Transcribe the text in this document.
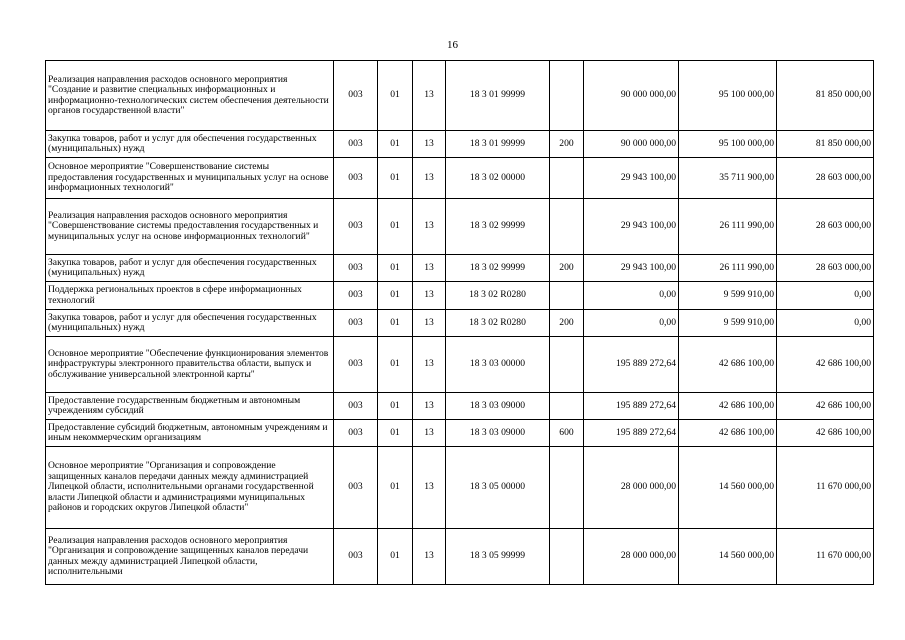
16
Реализация направления расходов основного мероприятия "Создание и развитие специальных информационных и информационно-технологических систем обеспечения деятельности органов государственной власти"	003	01	13	18 3 01 99999		90 000 000,00	95 100 000,00	81 850 000,00
Закупка товаров, работ и услуг для обеспечения государственных (муниципальных) нужд	003	01	13	18 3 01 99999	200	90 000 000,00	95 100 000,00	81 850 000,00
Основное мероприятие "Совершенствование системы предоставления государственных и муниципальных услуг на основе информационных технологий"	003	01	13	18 3 02 00000		29 943 100,00	35 711 900,00	28 603 000,00
Реализация направления расходов основного мероприятия "Совершенствование системы предоставления государственных и муниципальных услуг на основе информационных технологий"	003	01	13	18 3 02 99999		29 943 100,00	26 111 990,00	28 603 000,00
Закупка товаров, работ и услуг для обеспечения государственных (муниципальных) нужд	003	01	13	18 3 02 99999	200	29 943 100,00	26 111 990,00	28 603 000,00
Поддержка региональных проектов в сфере информационных технологий	003	01	13	18 3 02 R0280		0,00	9 599 910,00	0,00
Закупка товаров, работ и услуг для обеспечения государственных (муниципальных) нужд	003	01	13	18 3 02 R0280	200	0,00	9 599 910,00	0,00
Основное мероприятие "Обеспечение функционирования элементов инфраструктуры электронного правительства области, выпуск и обслуживание универсальной электронной карты"	003	01	13	18 3 03 00000		195 889 272,64	42 686 100,00	42 686 100,00
Предоставление государственным бюджетным и автономным учреждениям субсидий	003	01	13	18 3 03 09000		195 889 272,64	42 686 100,00	42 686 100,00
Предоставление субсидий бюджетным, автономным учреждениям и иным некоммерческим организациям	003	01	13	18 3 03 09000	600	195 889 272,64	42 686 100,00	42 686 100,00
Основное мероприятие "Организация и сопровождение защищенных каналов передачи данных между администрацией Липецкой области, исполнительными органами государственной власти Липецкой области и администрациями муниципальных районов и городских округов Липецкой области"	003	01	13	18 3 05 00000		28 000 000,00	14 560 000,00	11 670 000,00
Реализация направления расходов основного мероприятия "Организация и сопровождение защищенных каналов передачи данных между администрацией Липецкой области, исполнительными	003	01	13	18 3 05 99999		28 000 000,00	14 560 000,00	11 670 000,00
